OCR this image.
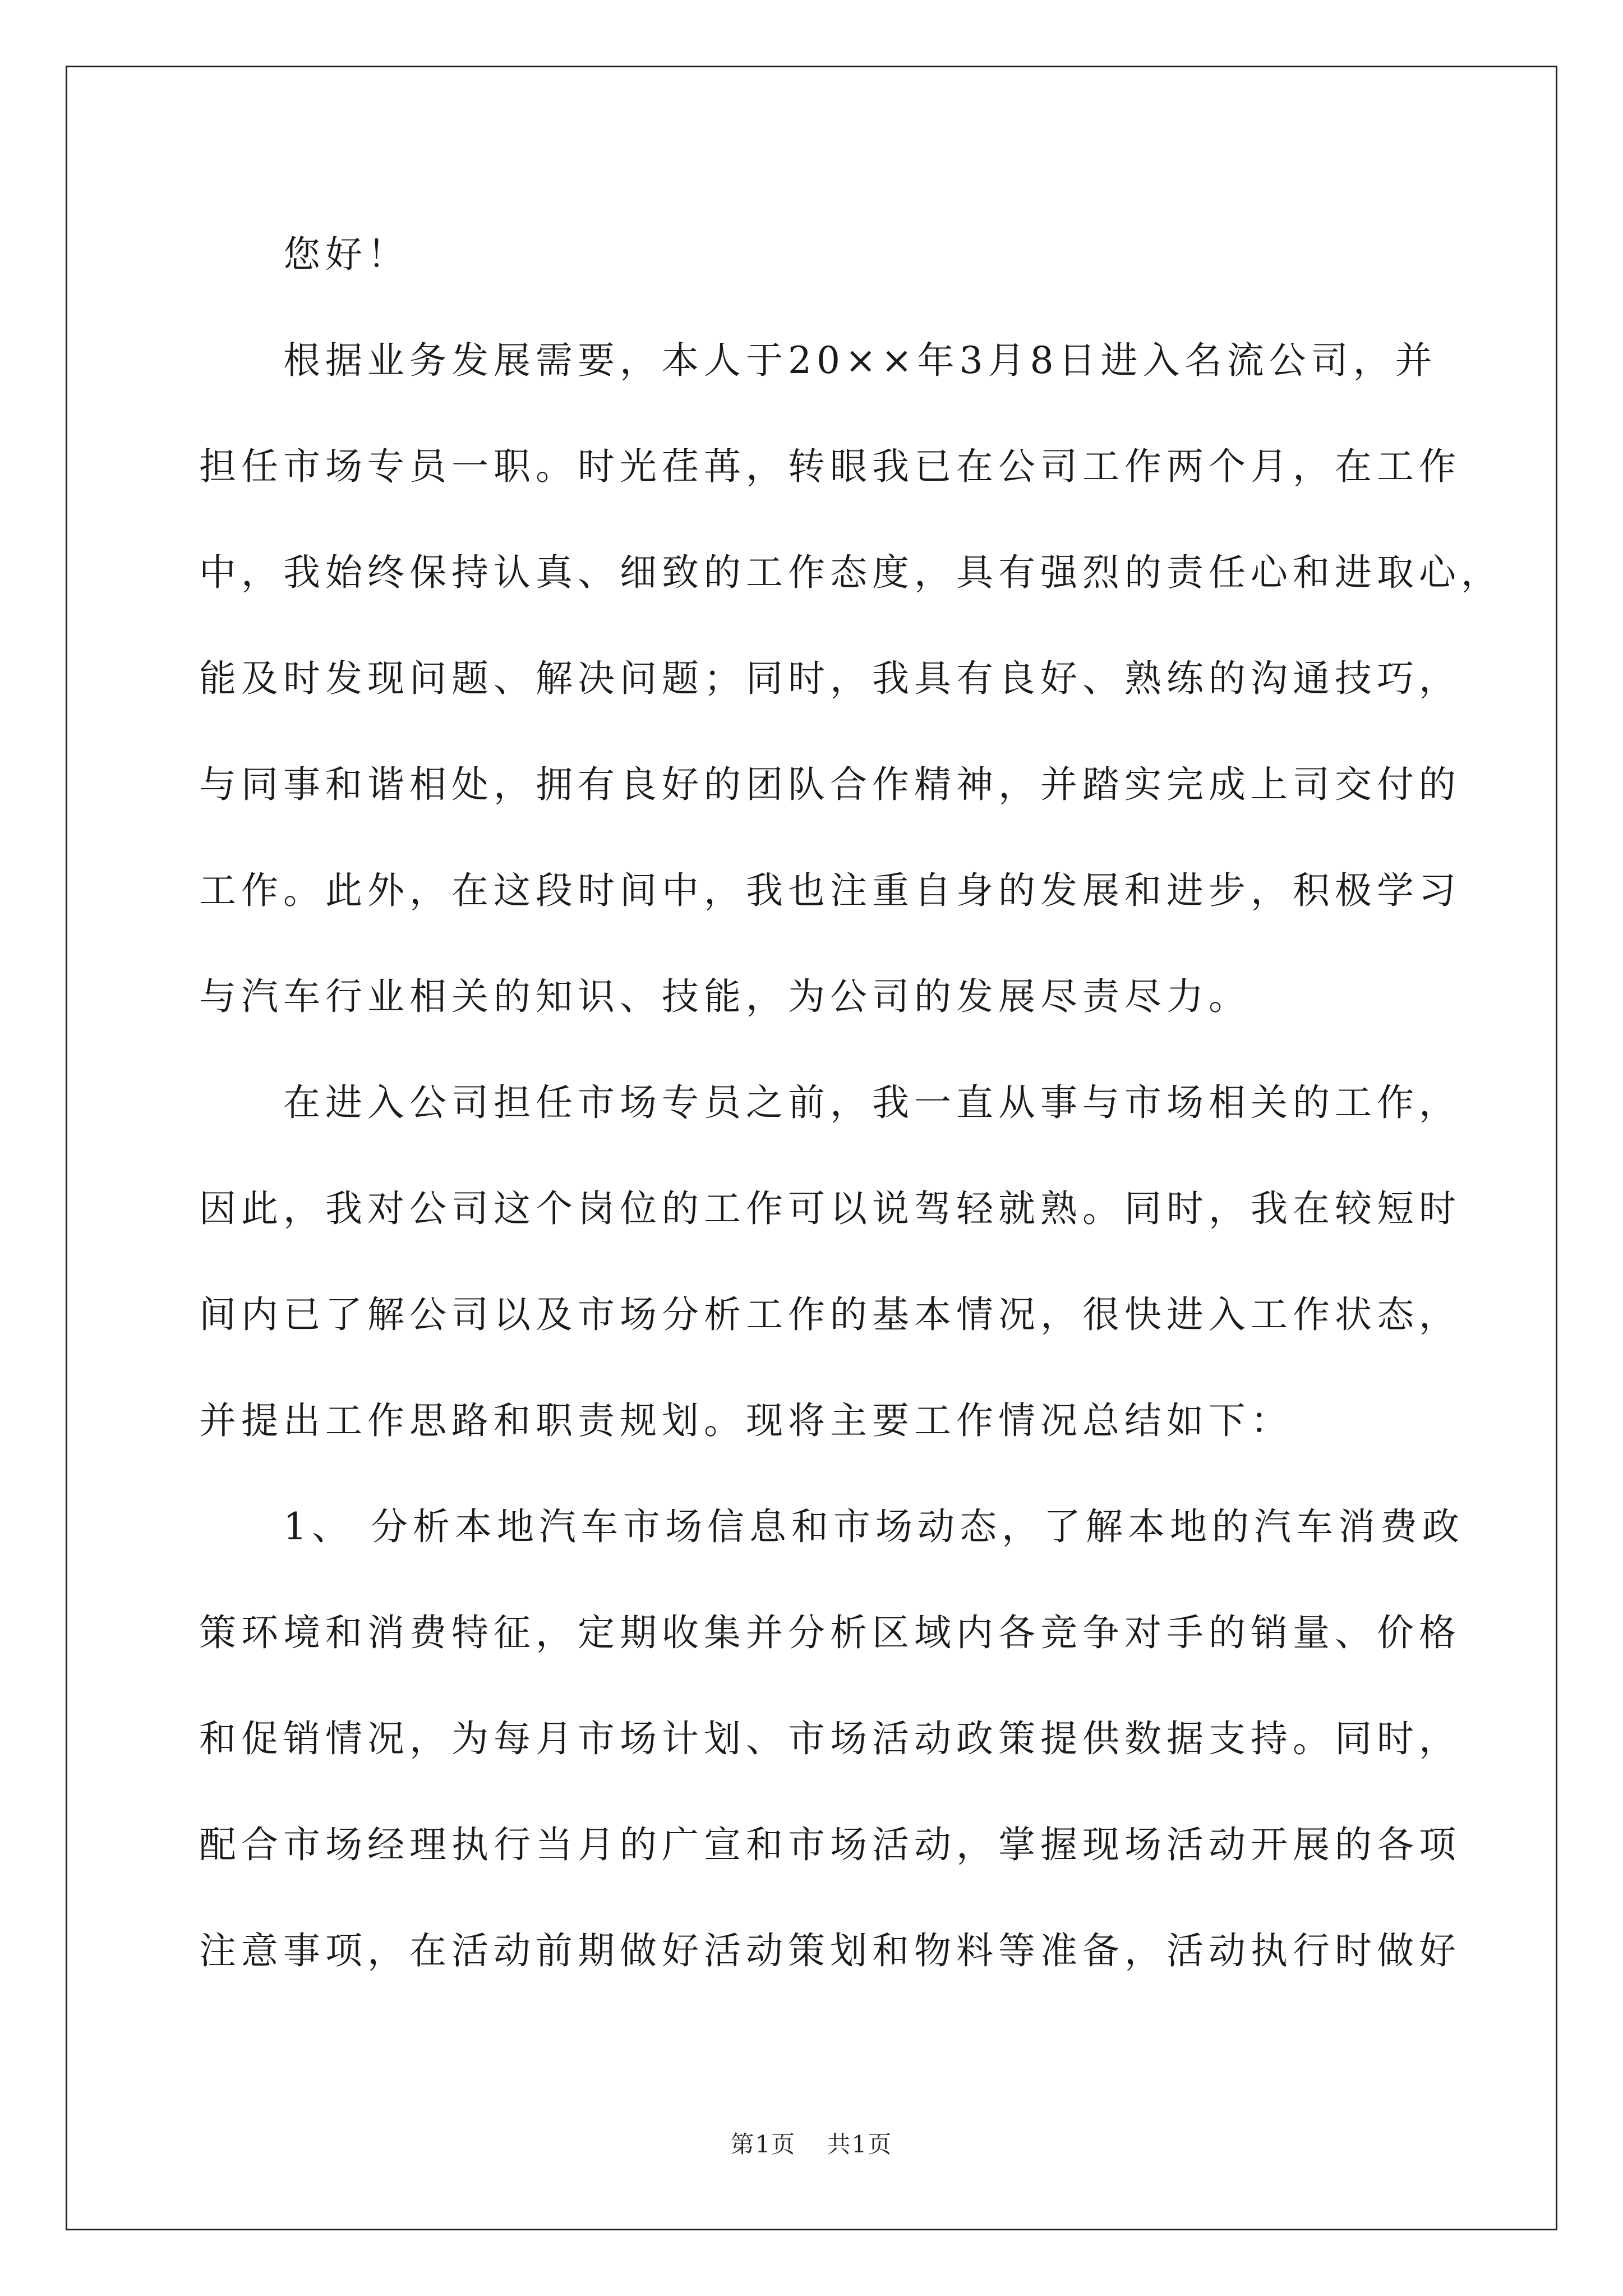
您好！
根据业务发展需要，本人于20××年3月8日进入名流公司，并
担任市场专员一职。时光荏苒，转眼我已在公司工作两个月，在工作
中，我始终保持认真、细致的工作态度，具有强烈的责任心和进取心，
能及时发现问题、解决问题；同时，我具有良好、熟练的沟通技巧，
与同事和谐相处，拥有良好的团队合作精神，并踏实完成上司交付的
工作。此外，在这段时间中，我也注重自身的发展和进步，积极学习
与汽车行业相关的知识、技能，为公司的发展尽责尽力。
在进入公司担任市场专员之前，我一直从事与市场相关的工作，
因此，我对公司这个岗位的工作可以说驾轻就熟。同时，我在较短时
间内已了解公司以及市场分析工作的基本情况，很快进入工作状态，
并提出工作思路和职责规划。现将主要工作情况总结如下：
1、 分析本地汽车市场信息和市场动态，了解本地的汽车消费政
策环境和消费特征，定期收集并分析区域内各竞争对手的销量、价格
和促销情况，为每月市场计划、市场活动政策提供数据支持。同时，
配合市场经理执行当月的广宣和市场活动，掌握现场活动开展的各项
注意事项，在活动前期做好活动策划和物料等准备，活动执行时做好
第1页 共1页
